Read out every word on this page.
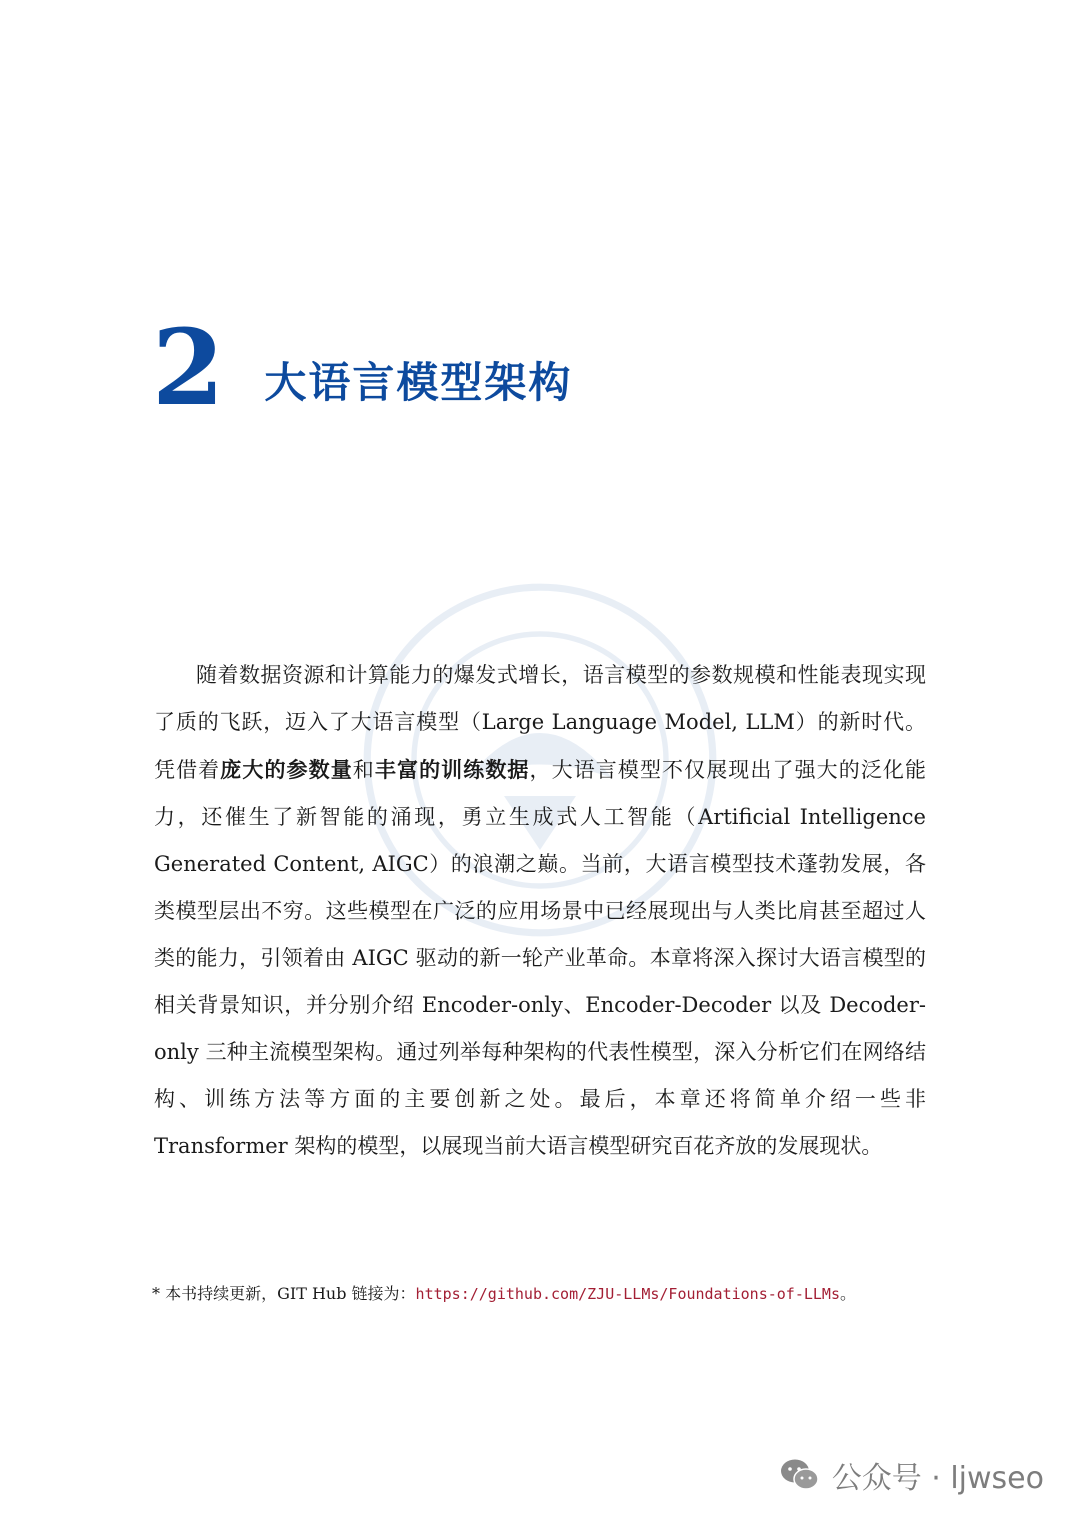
2 大语言模型架构

随着数据资源和计算能力的爆发式增长，语言模型的参数规模和性能表现实现了质的飞跃，迈入了大语言模型（Large Language Model, LLM）的新时代。凭借着庞大的参数量和丰富的训练数据，大语言模型不仅展现出了强大的泛化能力，还催生了新智能的涌现，勇立生成式人工智能（Artificial Intelligence Generated Content, AIGC）的浪潮之巅。当前，大语言模型技术蓬勃发展，各类模型层出不穷。这些模型在广泛的应用场景中已经展现出与人类比肩甚至超过人类的能力，引领着由 AIGC 驱动的新一轮产业革命。本章将深入探讨大语言模型的相关背景知识，并分别介绍 Encoder-only、Encoder-Decoder 以及 Decoder-only 三种主流模型架构。通过列举每种架构的代表性模型，深入分析它们在网络结构、训练方法等方面的主要创新之处。最后，本章还将简单介绍一些非 Transformer 架构的模型，以展现当前大语言模型研究百花齐放的发展现状。

* 本书持续更新，GIT Hub 链接为：https://github.com/ZJU-LLMs/Foundations-of-LLMs。
公众号 · ljwseo
